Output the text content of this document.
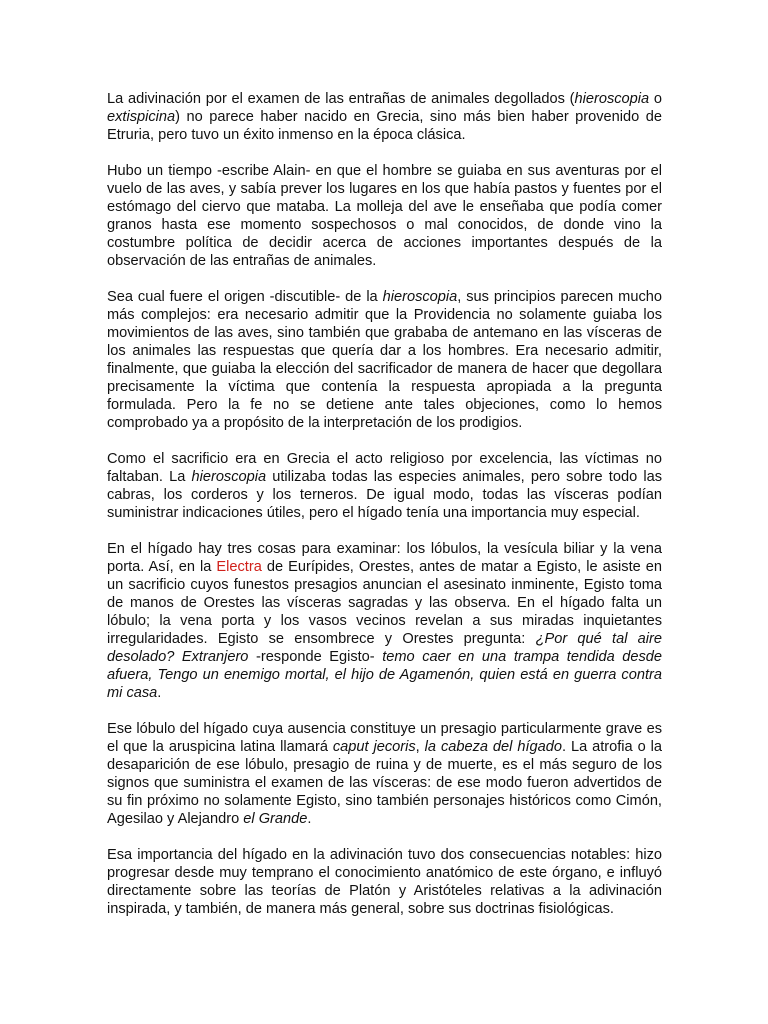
La adivinación por el examen de las entrañas de animales degollados (hieroscopia o extispicina) no parece haber nacido en Grecia, sino más bien haber provenido de Etruria, pero tuvo un éxito inmenso en la época clásica.

Hubo un tiempo -escribe Alain- en que el hombre se guiaba en sus aventuras por el vuelo de las aves, y sabía prever los lugares en los que había pastos y fuentes por el estómago del ciervo que mataba. La molleja del ave le enseñaba que podía comer granos hasta ese momento sospechosos o mal conocidos, de donde vino la costumbre política de decidir acerca de acciones importantes después de la observación de las entrañas de animales.

Sea cual fuere el origen -discutible- de la hieroscopia, sus principios parecen mucho más complejos: era necesario admitir que la Providencia no solamente guiaba los movimientos de las aves, sino también que grababa de antemano en las vísceras de los animales las respuestas que quería dar a los hombres. Era necesario admitir, finalmente, que guiaba la elección del sacrificador de manera de hacer que degollara precisamente la víctima que contenía la respuesta apropiada a la pregunta formulada. Pero la fe no se detiene ante tales objeciones, como lo hemos comprobado ya a propósito de la interpretación de los prodigios.

Como el sacrificio era en Grecia el acto religioso por excelencia, las víctimas no faltaban. La hieroscopia utilizaba todas las especies animales, pero sobre todo las cabras, los corderos y los terneros. De igual modo, todas las vísceras podían suministrar indicaciones útiles, pero el hígado tenía una importancia muy especial.

En el hígado hay tres cosas para examinar: los lóbulos, la vesícula biliar y la vena porta. Así, en la Electra de Eurípides, Orestes, antes de matar a Egisto, le asiste en un sacrificio cuyos funestos presagios anuncian el asesinato inminente, Egisto toma de manos de Orestes las vísceras sagradas y las observa. En el hígado falta un lóbulo; la vena porta y los vasos vecinos revelan a sus miradas inquietantes irregularidades. Egisto se ensombrece y Orestes pregunta: ¿Por qué tal aire desolado? Extranjero -responde Egisto- temo caer en una trampa tendida desde afuera, Tengo un enemigo mortal, el hijo de Agamenón, quien está en guerra contra mi casa.

Ese lóbulo del hígado cuya ausencia constituye un presagio particularmente grave es el que la aruspicina latina llamará caput jecoris, la cabeza del hígado. La atrofia o la desaparición de ese lóbulo, presagio de ruina y de muerte, es el más seguro de los signos que suministra el examen de las vísceras: de ese modo fueron advertidos de su fin próximo no solamente Egisto, sino también personajes históricos como Cimón, Agesilao y Alejandro el Grande.

Esa importancia del hígado en la adivinación tuvo dos consecuencias notables: hizo progresar desde muy temprano el conocimiento anatómico de este órgano, e influyó directamente sobre las teorías de Platón y Aristóteles relativas a la adivinación inspirada, y también, de manera más general, sobre sus doctrinas fisiológicas.
